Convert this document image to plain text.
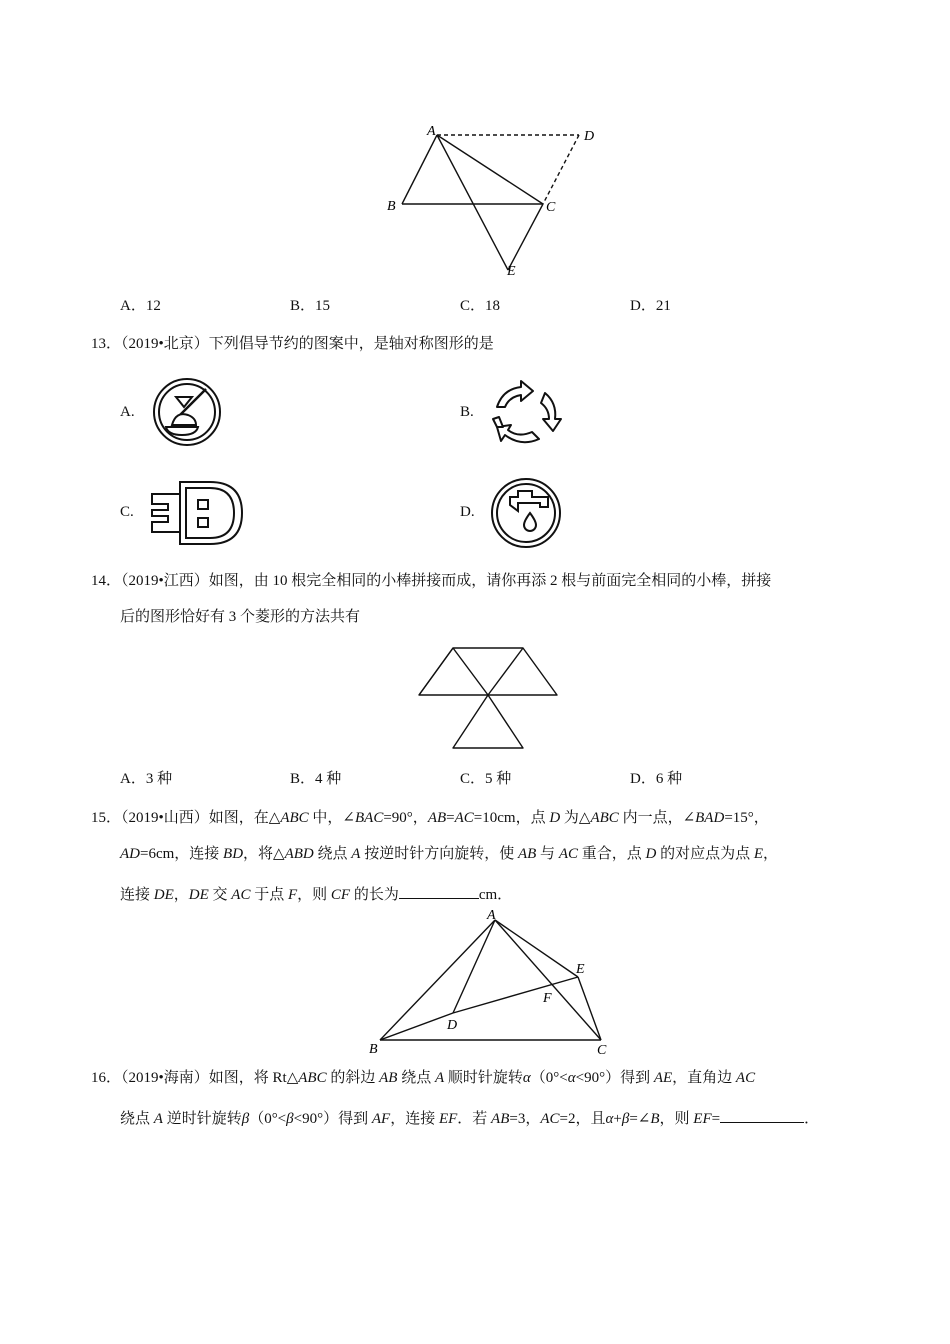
A
B	C
D
E
A．12	B．15	C．18	D．21
13．（2019•北京）下列倡导节约的图案中，是轴对称图形的是
A.	B.
C.	D.
14．（2019•江西）如图，由 10 根完全相同的小棒拼接而成，请你再添 2 根与前面完全相同的小棒，拼接
后的图形恰好有 3 个菱形的方法共有
A．3 种	B．4 种	C．5 种	D．6 种
15．（2019•山西）如图，在△ABC 中，∠BAC=90°，AB=AC=10cm，点 D 为△ABC 内一点，∠BAD=15°，
AD=6cm，连接 BD，将△ABD 绕点 A 按逆时针方向旋转，使 AB 与 AC 重合，点 D 的对应点为点 E，
连接 DE，DE 交 AC 于点 F，则 CF 的长为	cm．
A
B	C
D
E
F
16．（2019•海南）如图，将 Rt△ABC 的斜边 AB 绕点 A 顺时针旋转α（0°<α<90°）得到 AE，直角边 AC
绕点 A 逆时针旋转β（0°<β<90°）得到 AF，连接 EF．若 AB=3，AC=2，且α+β=∠B，则 EF=	．
